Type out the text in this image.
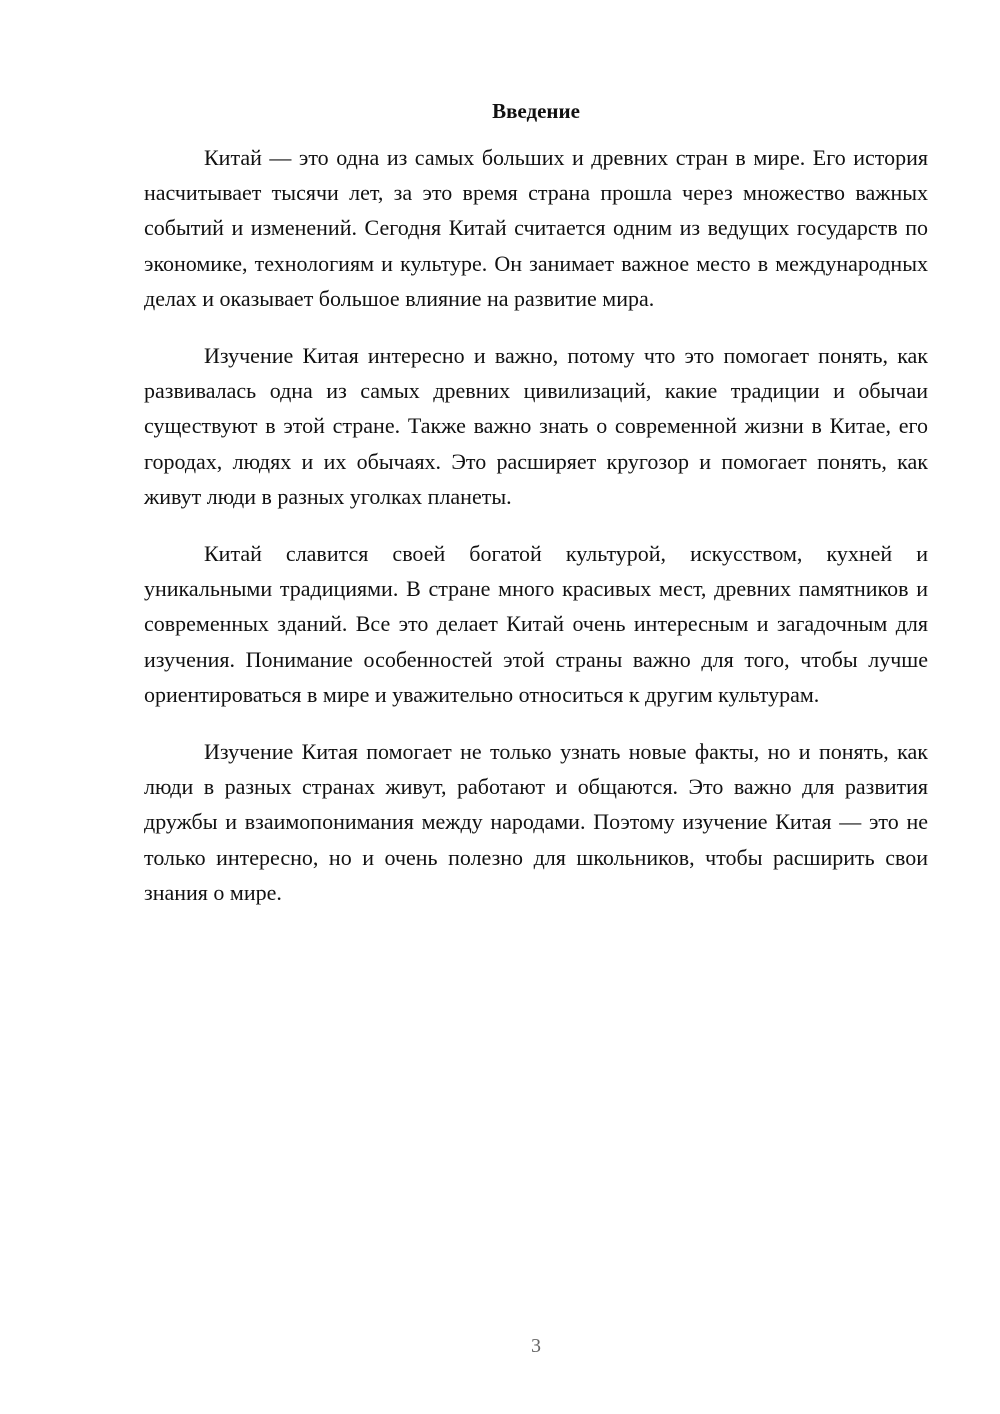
Введение

Китай — это одна из самых больших и древних стран в мире. Его история насчитывает тысячи лет, за это время страна прошла через множество важных событий и изменений. Сегодня Китай считается одним из ведущих государств по экономике, технологиям и культуре. Он занимает важное место в международных делах и оказывает большое влияние на развитие мира.

Изучение Китая интересно и важно, потому что это помогает понять, как развивалась одна из самых древних цивилизаций, какие традиции и обычаи существуют в этой стране. Также важно знать о современной жизни в Китае, его городах, людях и их обычаях. Это расширяет кругозор и помогает понять, как живут люди в разных уголках планеты.

Китай славится своей богатой культурой, искусством, кухней и уникальными традициями. В стране много красивых мест, древних памятников и современных зданий. Все это делает Китай очень интересным и загадочным для изучения. Понимание особенностей этой страны важно для того, чтобы лучше ориентироваться в мире и уважительно относиться к другим культурам.

Изучение Китая помогает не только узнать новые факты, но и понять, как люди в разных странах живут, работают и общаются. Это важно для развития дружбы и взаимопонимания между народами. Поэтому изучение Китая — это не только интересно, но и очень полезно для школьников, чтобы расширить свои знания о мире.

3
